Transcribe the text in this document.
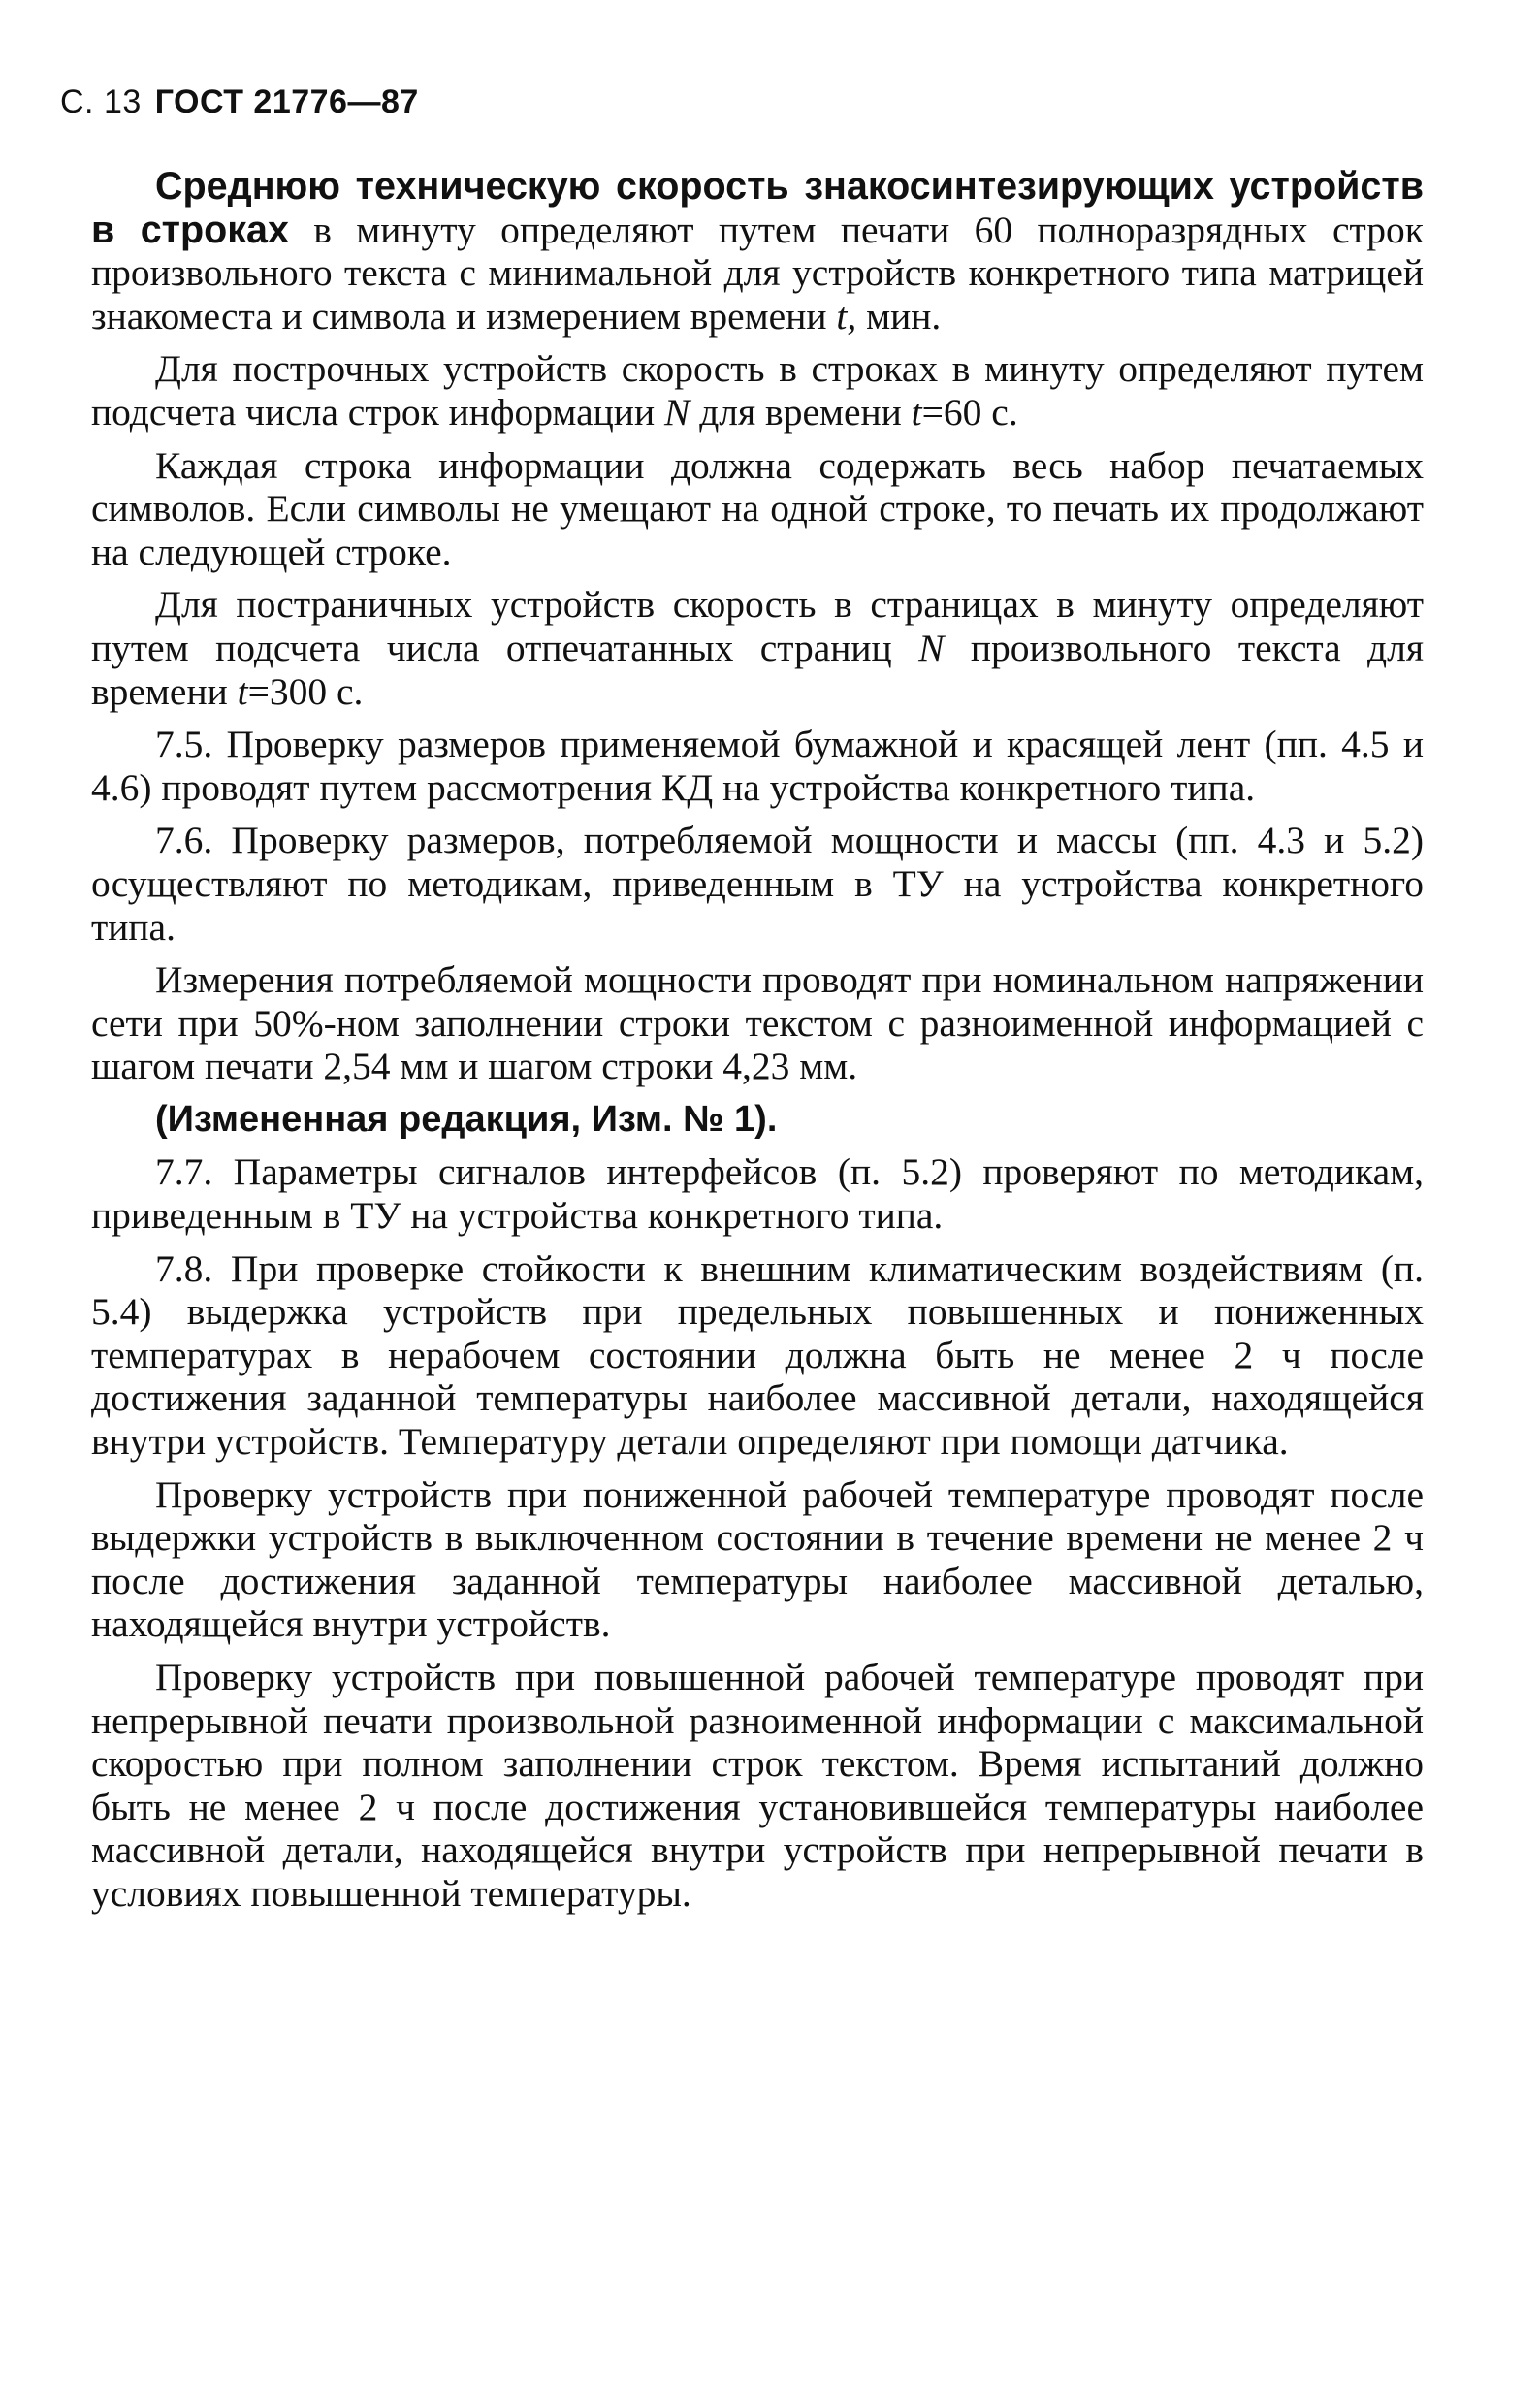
С. 13 ГОСТ 21776—87

Среднюю техническую скорость знакосинтезирующих устройств в строках в минуту определяют путем печати 60 полноразрядных строк произвольного текста с минимальной для устройств конкретного типа матрицей знакоместа и символа и измерением времени t, мин.

Для построчных устройств скорость в строках в минуту определяют путем подсчета числа строк информации N для времени t=60 с.

Каждая строка информации должна содержать весь набор печатаемых символов. Если символы не умещают на одной строке, то печать их продолжают на следующей строке.

Для постраничных устройств скорость в страницах в минуту определяют путем подсчета числа отпечатанных страниц N произвольного текста для времени t=300 с.

7.5. Проверку размеров применяемой бумажной и красящей лент (пп. 4.5 и 4.6) проводят путем рассмотрения КД на устройства конкретного типа.

7.6. Проверку размеров, потребляемой мощности и массы (пп. 4.3 и 5.2) осуществляют по методикам, приведенным в ТУ на устройства конкретного типа.

Измерения потребляемой мощности проводят при номинальном напряжении сети при 50%-ном заполнении строки текстом с разноименной информацией с шагом печати 2,54 мм и шагом строки 4,23 мм.

(Измененная редакция, Изм. № 1).

7.7. Параметры сигналов интерфейсов (п. 5.2) проверяют по методикам, приведенным в ТУ на устройства конкретного типа.

7.8. При проверке стойкости к внешним климатическим воздействиям (п. 5.4) выдержка устройств при предельных повышенных и пониженных температурах в нерабочем состоянии должна быть не менее 2 ч после достижения заданной температуры наиболее массивной детали, находящейся внутри устройств. Температуру детали определяют при помощи датчика.

Проверку устройств при пониженной рабочей температуре проводят после выдержки устройств в выключенном состоянии в течение времени не менее 2 ч после достижения заданной температуры наиболее массивной деталью, находящейся внутри устройств.

Проверку устройств при повышенной рабочей температуре проводят при непрерывной печати произвольной разноименной информации с максимальной скоростью при полном заполнении строк текстом. Время испытаний должно быть не менее 2 ч после достижения установившейся температуры наиболее массивной детали, находящейся внутри устройств при непрерывной печати в условиях повышенной температуры.
